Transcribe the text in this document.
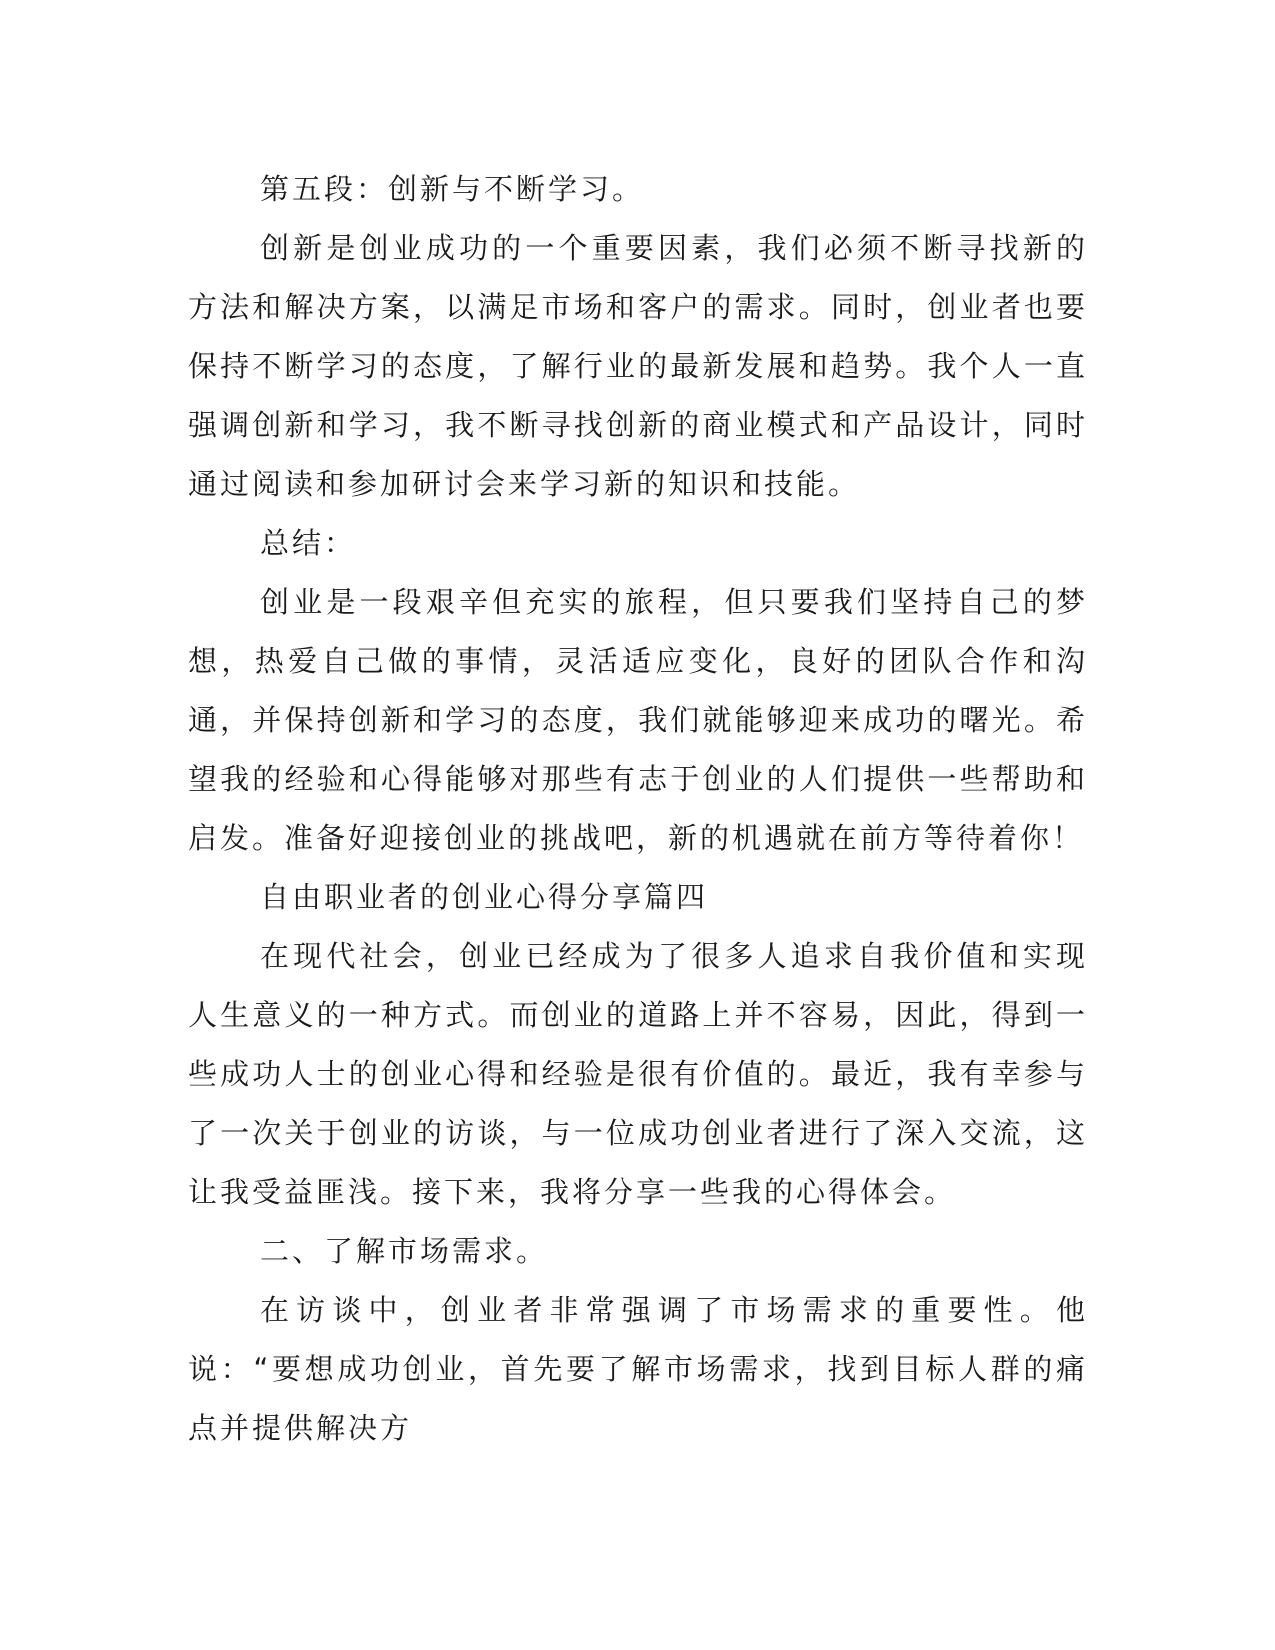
第五段：创新与不断学习。

创新是创业成功的一个重要因素，我们必须不断寻找新的方法和解决方案，以满足市场和客户的需求。同时，创业者也要保持不断学习的态度，了解行业的最新发展和趋势。我个人一直强调创新和学习，我不断寻找创新的商业模式和产品设计，同时通过阅读和参加研讨会来学习新的知识和技能。

总结：

创业是一段艰辛但充实的旅程，但只要我们坚持自己的梦想，热爱自己做的事情，灵活适应变化，良好的团队合作和沟通，并保持创新和学习的态度，我们就能够迎来成功的曙光。希望我的经验和心得能够对那些有志于创业的人们提供一些帮助和启发。准备好迎接创业的挑战吧，新的机遇就在前方等待着你！

自由职业者的创业心得分享篇四

在现代社会，创业已经成为了很多人追求自我价值和实现人生意义的一种方式。而创业的道路上并不容易，因此，得到一些成功人士的创业心得和经验是很有价值的。最近，我有幸参与了一次关于创业的访谈，与一位成功创业者进行了深入交流，这让我受益匪浅。接下来，我将分享一些我的心得体会。

二、了解市场需求。

在访谈中，创业者非常强调了市场需求的重要性。他说：“要想成功创业，首先要了解市场需求，找到目标人群的痛点并提供解决方
